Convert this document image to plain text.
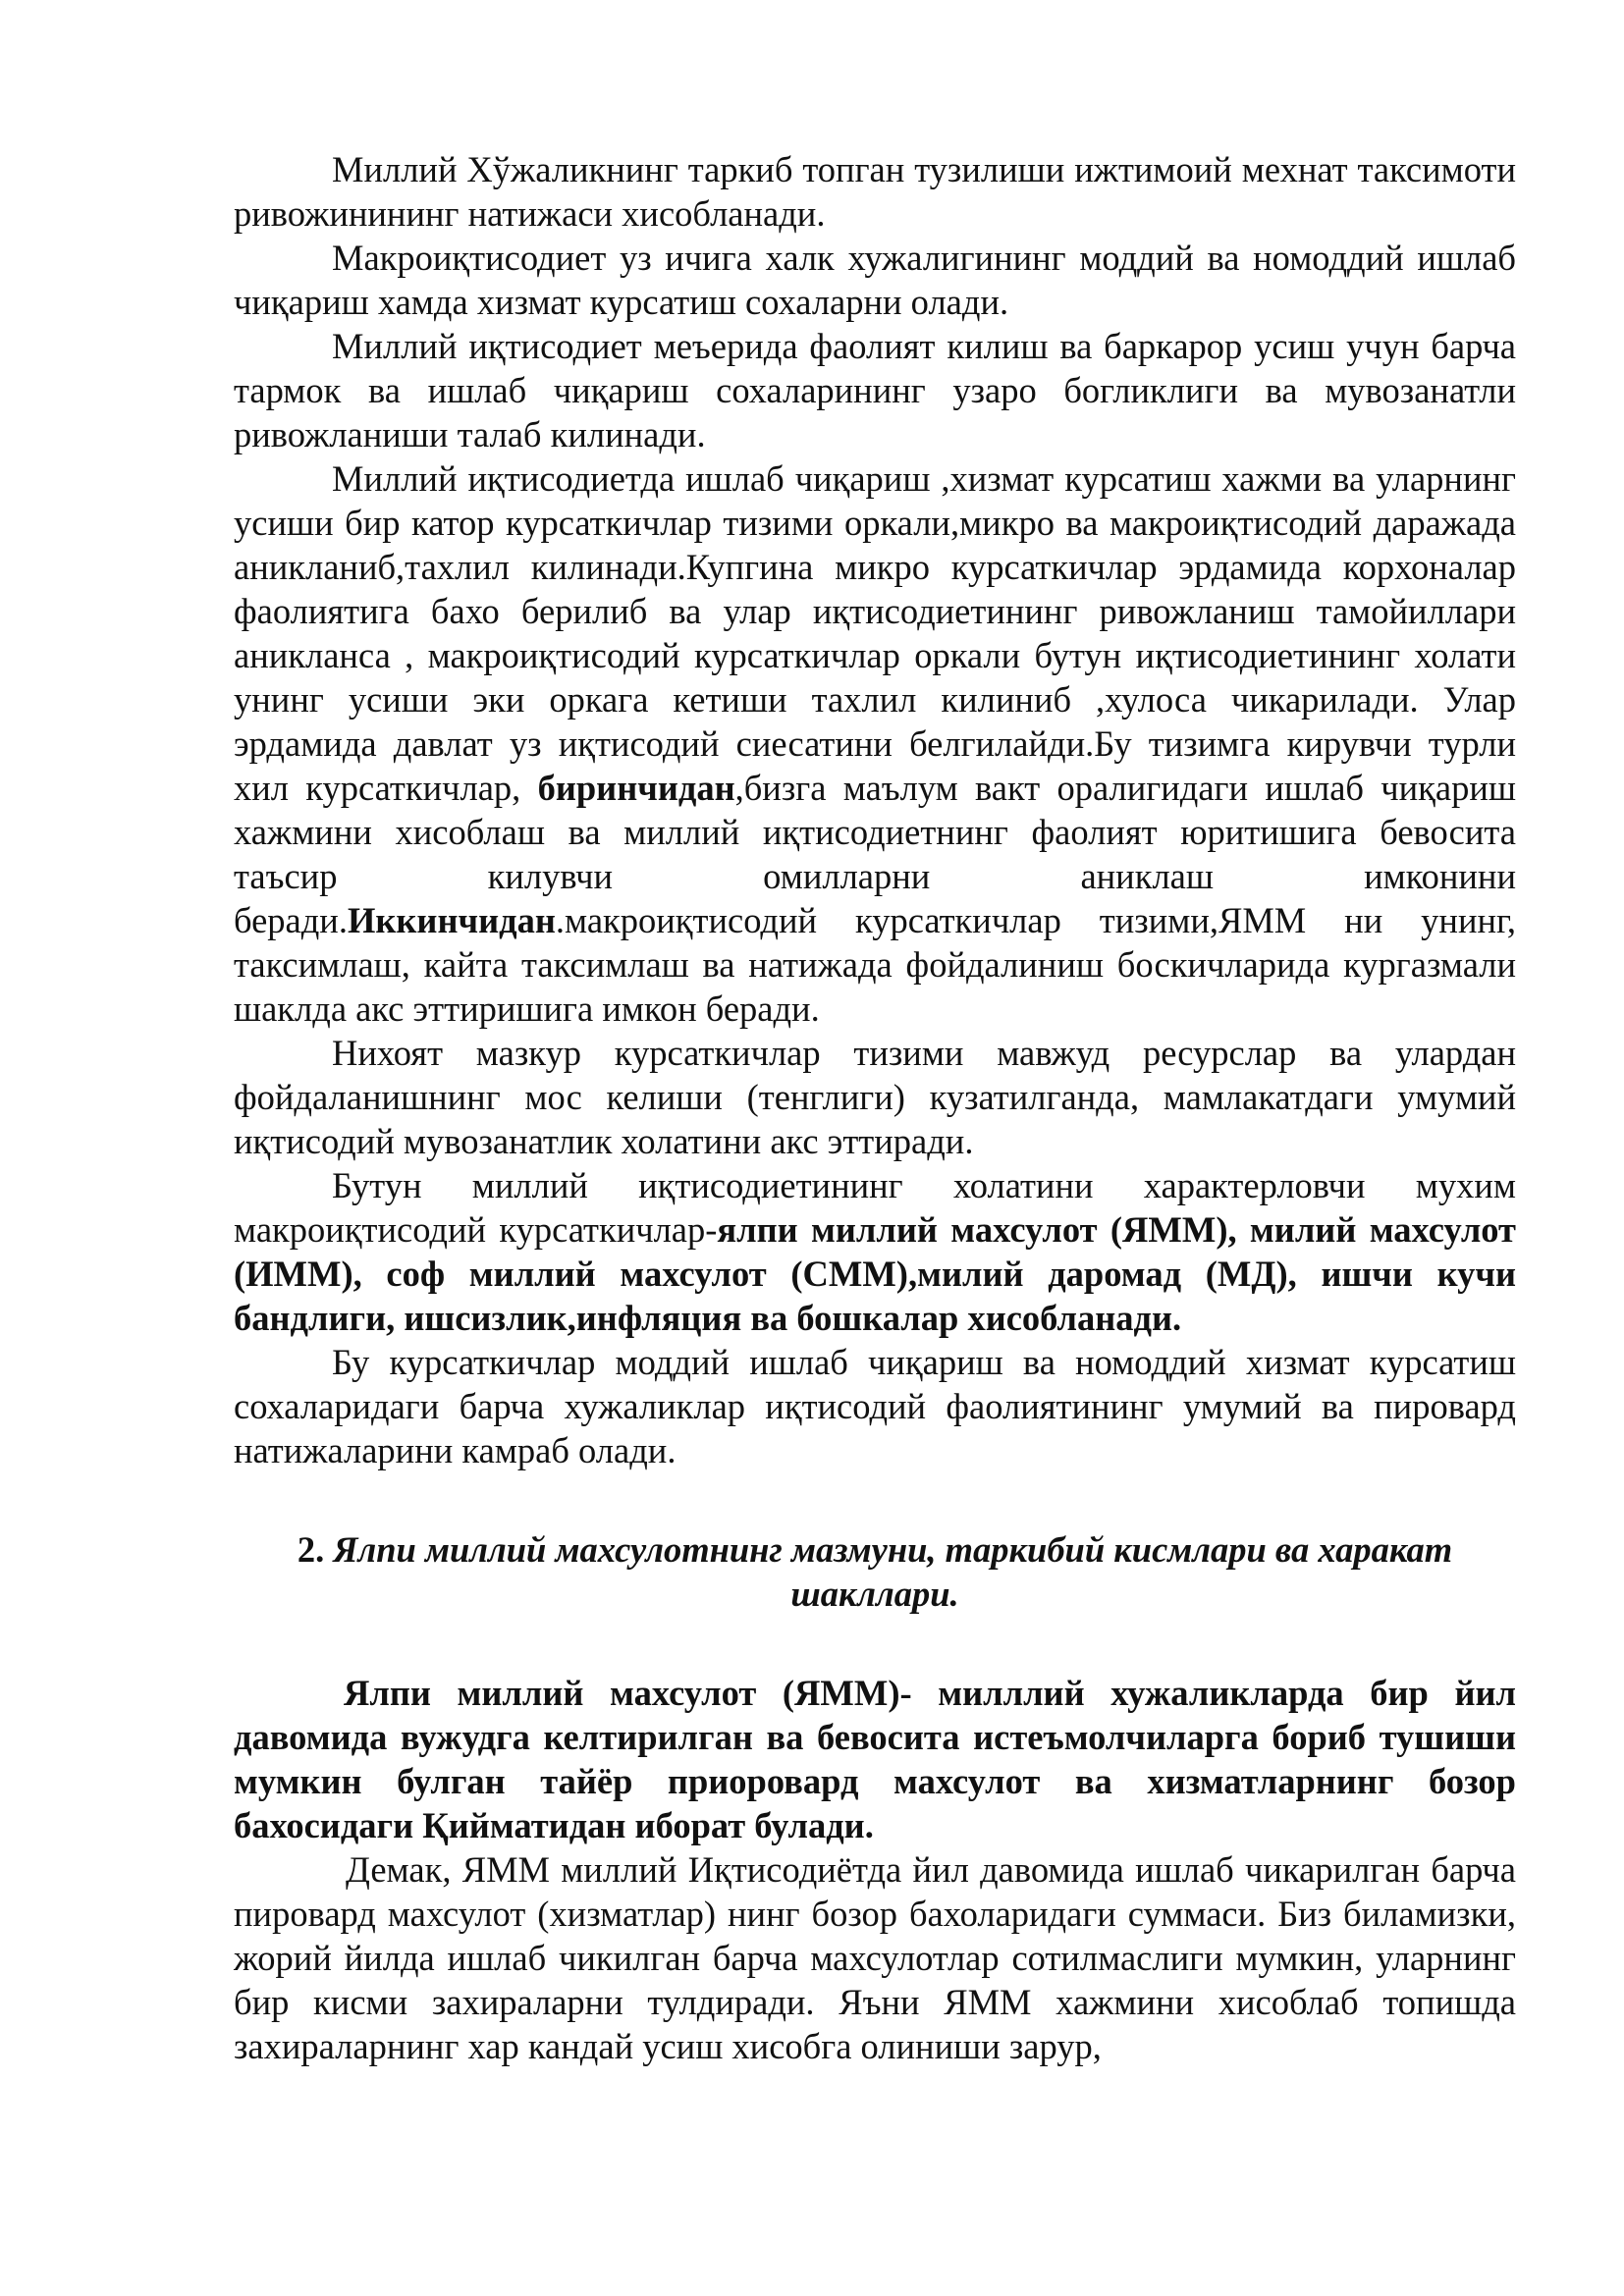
Миллий Хўжаликнинг таркиб топган тузилиши ижтимоий мехнат таксимоти ривожинининг натижаси хисобланади.

Макроиқтисодиет уз ичига халк хужалигининг моддий ва номоддий ишлаб чиқариш хамда хизмат курсатиш сохаларни олади.

Миллий иқтисодиет меъерида фаолият килиш ва баркарор усиш учун барча тармок ва ишлаб чиқариш сохаларининг узаро богликлиги ва мувозанатли ривожланиши талаб килинади.

Миллий иқтисодиетда ишлаб чиқариш ,хизмат курсатиш хажми ва уларнинг усиши бир катор курсаткичлар тизими оркали,микро ва макроиқтисодий даражада аникланиб,тахлил килинади.Купгина микро курсаткичлар эрдамида корхоналар фаолиятига бахо берилиб ва улар иқтисодиетининг ривожланиш тамойиллари аникланса , макроиқтисодий курсаткичлар оркали бутун иқтисодиетининг холати унинг усиши эки оркага кетиши тахлил килиниб ,хулоса чикарилади. Улар эрдамида давлат уз иқтисодий сиесатини белгилайди.Бу тизимга кирувчи турли хил курсаткичлар, биринчидан,бизга маълум вакт оралигидаги ишлаб чиқариш хажмини хисоблаш ва миллий иқтисодиетнинг фаолият юритишига бевосита таъсир килувчи омилларни аниклаш имконини беради.Иккинчидан.макроиқтисодий курсаткичлар тизими,ЯММ ни унинг, таксимлаш, кайта таксимлаш ва натижада фойдалиниш боскичларида кургазмали шаклда акс эттиришига имкон беради.

Нихоят мазкур курсаткичлар тизими мавжуд ресурслар ва улардан фойдаланишнинг мос келиши (тенглиги) кузатилганда, мамлакатдаги умумий иқтисодий мувозанатлик холатини акс эттиради.

Бутун миллий иқтисодиетининг холатини характерловчи мухим макроиқтисодий курсаткичлар-ялпи миллий махсулот (ЯММ), милий махсулот (ИММ), соф миллий махсулот (СММ),милий даромад (МД), ишчи кучи бандлиги, ишсизлик,инфляция ва бошкалар хисобланади.

Бу курсаткичлар моддий ишлаб чиқариш ва номоддий хизмат курсатиш сохаларидаги барча хужаликлар иқтисодий фаолиятининг умумий ва пировард натижаларини камраб олади.

2. Ялпи миллий махсулотнинг мазмуни, таркибий кисмлари ва харакат шакллари.

Ялпи миллий махсулот (ЯММ)- милллий хужаликларда бир йил давомида вужудга келтирилган ва бевосита истеъмолчиларга бориб тушиши мумкин булган тайёр приоровард махсулот ва хизматларнинг бозор бахосидаги Қийматидан иборат булади.

Демак, ЯММ миллий Иқтисодиётда йил давомида ишлаб чикарилган барча пировард махсулот (хизматлар) нинг бозор бахоларидаги суммаси. Биз биламизки, жорий йилда ишлаб чикилган барча махсулотлар сотилмаслиги мумкин, уларнинг бир кисми захираларни тулдиради. Яъни ЯММ хажмини хисоблаб топишда захираларнинг хар кандай усиш хисобга олиниши зарур,
